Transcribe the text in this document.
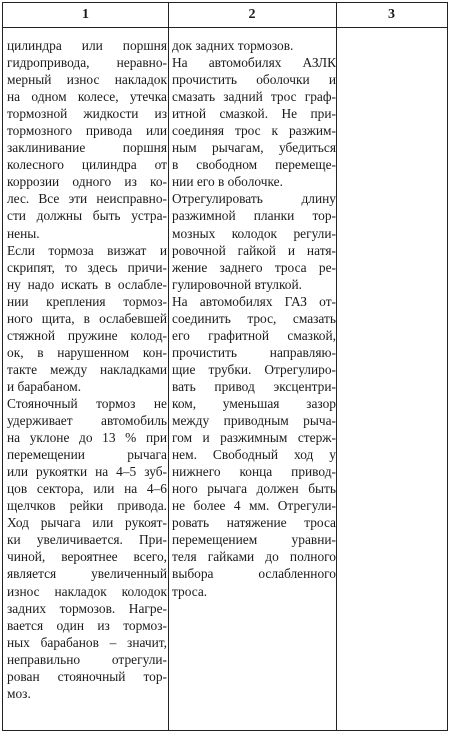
1	2	3
цилиндра или поршня
гидропривода, неравно-
мерный износ накладок
на одном колесе, утечка
тормозной жидкости из
тормозного привода или
заклинивание поршня
колесного цилиндра от
коррозии одного из ко-
лес. Все эти неисправно-
сти должны быть устра-
нены.
Если тормоза визжат и
скрипят, то здесь причи-
ну надо искать в ослабле-
нии крепления тормоз-
ного щита, в ослабевшей
стяжной пружине колод-
ок, в нарушенном кон-
такте между накладками
и барабаном.
Стояночный тормоз не
удерживает автомобиль
на уклоне до 13 % при
перемещении рычага
или рукоятки на 4–5 зуб-
цов сектора, или на 4–6
щелчков рейки привода.
Ход рычага или рукоят-
ки увеличивается. При-
чиной, вероятнее всего,
является увеличенный
износ накладок колодок
задних тормозов. Нагре-
вается один из тормоз-
ных барабанов – значит,
неправильно отрегули-
рован стояночный тор-
моз.
док задних тормозов.
На автомобилях АЗЛК
прочистить оболочки и
смазать задний трос граф-
итной смазкой. Не при-
соединяя трос к разжим-
ным рычагам, убедиться
в свободном перемеще-
нии его в оболочке.
Отрегулировать длину
разжимной планки тор-
мозных колодок регули-
ровочной гайкой и натя-
жение заднего троса ре-
гулировочной втулкой.
На автомобилях ГАЗ от-
соединить трос, смазать
его графитной смазкой,
прочистить направляю-
щие трубки. Отрегулиро-
вать привод эксцентри-
ком, уменьшая зазор
между приводным рыча-
гом и разжимным стерж-
нем. Свободный ход у
нижнего конца привод-
ного рычага должен быть
не более 4 мм. Отрегули-
ровать натяжение троса
перемещением уравни-
теля гайками до полного
выбора ослабленного
троса.
